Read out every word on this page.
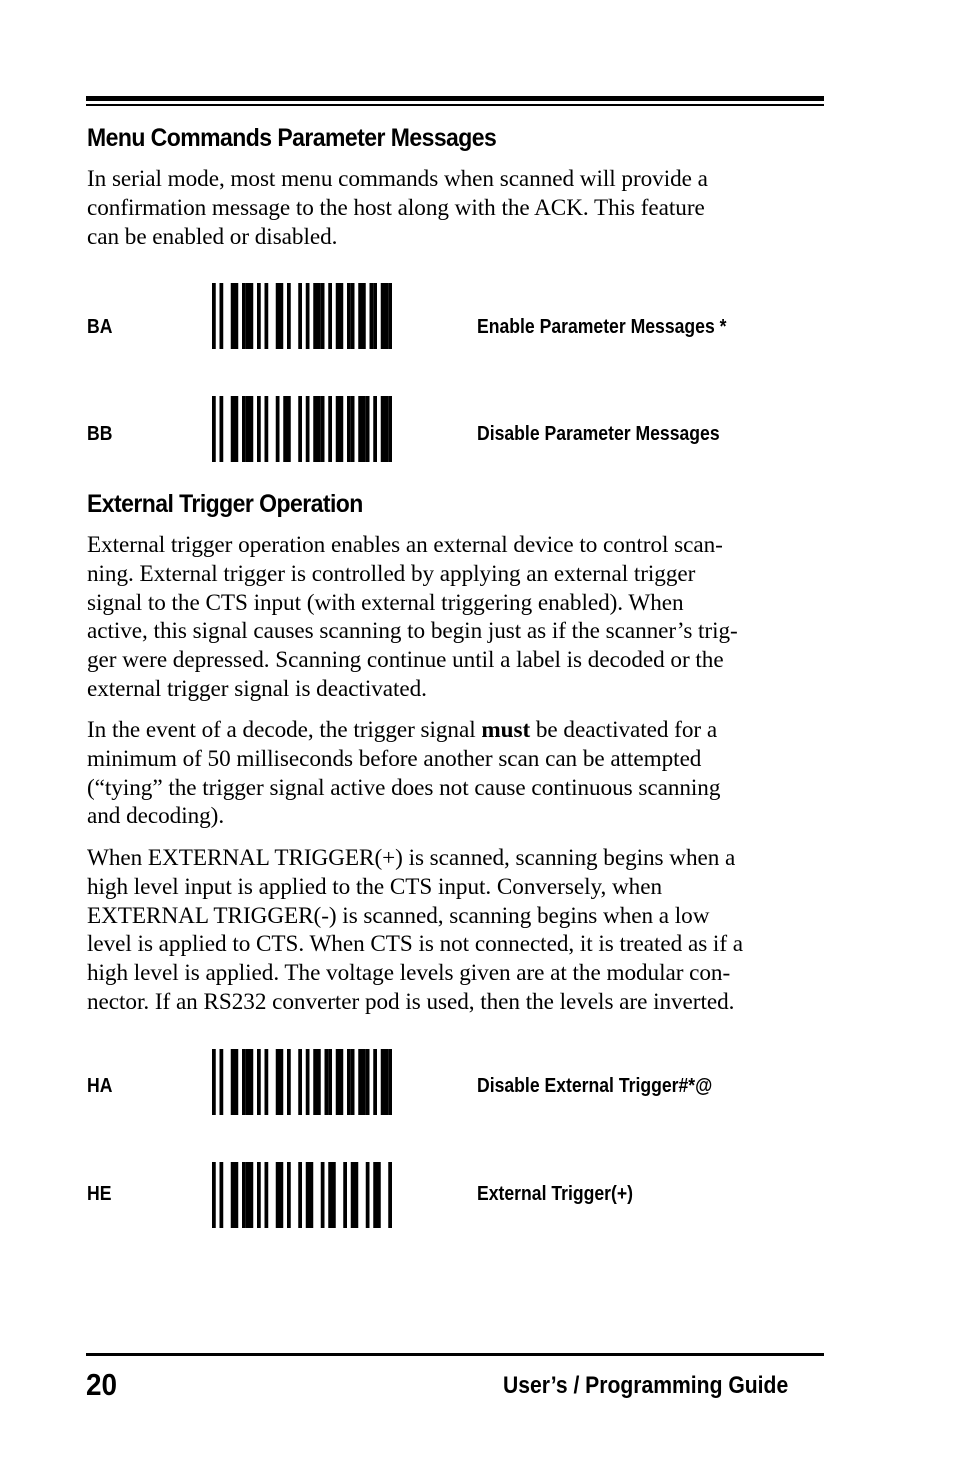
Menu Commands Parameter Messages
In serial mode, most menu commands when scanned will provide a
confirmation message to the host along with the ACK. This feature
can be enabled or disabled.
BA	Enable Parameter Messages *
BB	Disable Parameter Messages
External Trigger Operation
External trigger operation enables an external device to control scan-
ning. External trigger is controlled by applying an external trigger
signal to the CTS input (with external triggering enabled). When
active, this signal causes scanning to begin just as if the scanner’s trig-
ger were depressed. Scanning continue until a label is decoded or the
external trigger signal is deactivated.
In the event of a decode, the trigger signal must be deactivated for a
minimum of 50 milliseconds before another scan can be attempted
(“tying” the trigger signal active does not cause continuous scanning
and decoding).
When EXTERNAL TRIGGER(+) is scanned, scanning begins when a
high level input is applied to the CTS input. Conversely, when
EXTERNAL TRIGGER(-) is scanned, scanning begins when a low
level is applied to CTS. When CTS is not connected, it is treated as if a
high level is applied. The voltage levels given are at the modular con-
nector. If an RS232 converter pod is used, then the levels are inverted.
HA	Disable External Trigger#*@
HE	External Trigger(+)
20	User’s / Programming Guide
